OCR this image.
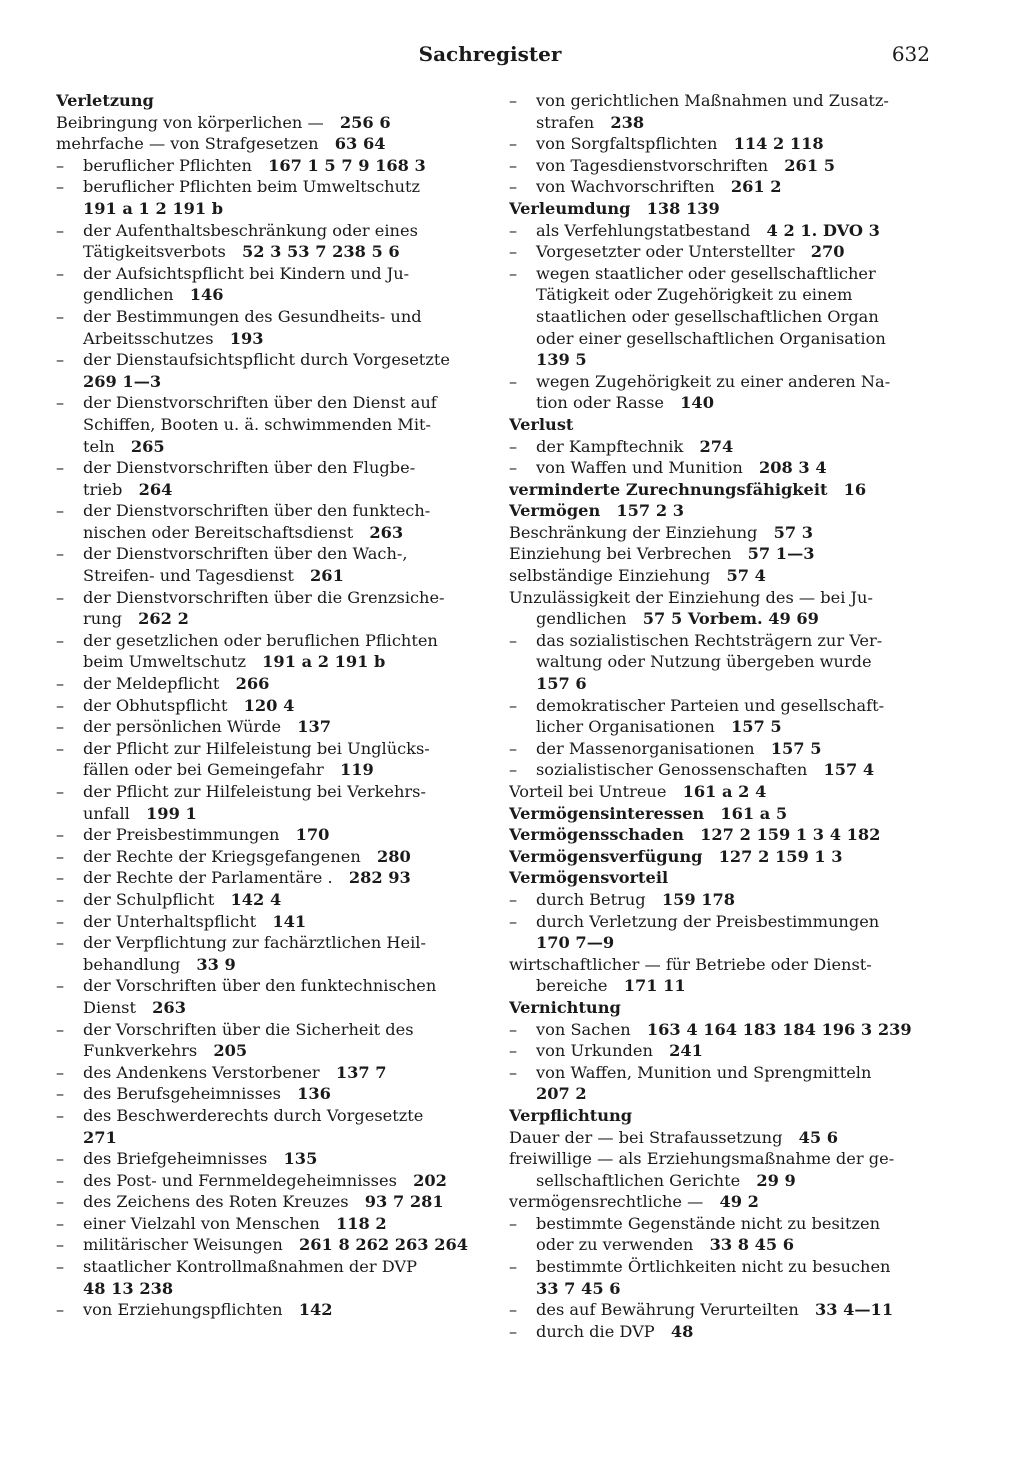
Sachregister	632
Verletzung
Beibringung von körperlichen —   256 6
mehrfache — von Strafgesetzen   63 64
– beruflicher Pflichten   167 1 5 7 9 168 3
– beruflicher Pflichten beim Umweltschutz
191 a 1 2 191 b
– der Aufenthaltsbeschränkung oder eines
Tätigkeitsverbots   52 3 53 7 238 5 6
– der Aufsichtspflicht bei Kindern und Ju-
gendlichen   146
– der Bestimmungen des Gesundheits- und
Arbeitsschutzes   193
– der Dienstaufsichtspflicht durch Vorgesetzte
269 1—3
– der Dienstvorschriften über den Dienst auf
Schiffen, Booten u. ä. schwimmenden Mit-
teln   265
– der Dienstvorschriften über den Flugbe-
trieb   264
– der Dienstvorschriften über den funktech-
nischen oder Bereitschaftsdienst   263
– der Dienstvorschriften über den Wach-,
Streifen- und Tagesdienst   261
– der Dienstvorschriften über die Grenzsiche-
rung   262 2
– der gesetzlichen oder beruflichen Pflichten
beim Umweltschutz   191 a 2 191 b
– der Meldepflicht   266
– der Obhutspflicht   120 4
– der persönlichen Würde   137
– der Pflicht zur Hilfeleistung bei Unglücks-
fällen oder bei Gemeingefahr   119
– der Pflicht zur Hilfeleistung bei Verkehrs-
unfall   199 1
– der Preisbestimmungen   170
– der Rechte der Kriegsgefangenen   280
– der Rechte der Parlamentäre .   282 93
– der Schulpflicht   142 4
– der Unterhaltspflicht   141
– der Verpflichtung zur fachärztlichen Heil-
behandlung   33 9
– der Vorschriften über den funktechnischen
Dienst   263
– der Vorschriften über die Sicherheit des
Funkverkehrs   205
– des Andenkens Verstorbener   137 7
– des Berufsgeheimnisses   136
– des Beschwerderechts durch Vorgesetzte
271
– des Briefgeheimnisses   135
– des Post- und Fernmeldegeheimnisses   202
– des Zeichens des Roten Kreuzes   93 7 281
– einer Vielzahl von Menschen   118 2
– militärischer Weisungen   261 8 262 263 264
– staatlicher Kontrollmaßnahmen der DVP
48 13 238
– von Erziehungspflichten   142
– von gerichtlichen Maßnahmen und Zusatz-
strafen   238
– von Sorgfaltspflichten   114 2 118
– von Tagesdienstvorschriften   261 5
– von Wachvorschriften   261 2
Verleumdung   138 139
– als Verfehlungstatbestand   4 2 1. DVO 3
– Vorgesetzter oder Unterstellter   270
– wegen staatlicher oder gesellschaftlicher
Tätigkeit oder Zugehörigkeit zu einem
staatlichen oder gesellschaftlichen Organ
oder einer gesellschaftlichen Organisation
139 5
– wegen Zugehörigkeit zu einer anderen Na-
tion oder Rasse   140
Verlust
– der Kampftechnik   274
– von Waffen und Munition   208 3 4
verminderte Zurechnungsfähigkeit   16
Vermögen   157 2 3
Beschränkung der Einziehung   57 3
Einziehung bei Verbrechen   57 1—3
selbständige Einziehung   57 4
Unzulässigkeit der Einziehung des — bei Ju-
gendlichen   57 5 Vorbem. 49 69
– das sozialistischen Rechtsträgern zur Ver-
waltung oder Nutzung übergeben wurde
157 6
– demokratischer Parteien und gesellschaft-
licher Organisationen   157 5
– der Massenorganisationen   157 5
– sozialistischer Genossenschaften   157 4
Vorteil bei Untreue   161 a 2 4
Vermögensinteressen   161 a 5
Vermögensschaden   127 2 159 1 3 4 182
Vermögensverfügung   127 2 159 1 3
Vermögensvorteil
– durch Betrug   159 178
– durch Verletzung der Preisbestimmungen
170 7—9
wirtschaftlicher — für Betriebe oder Dienst-
bereiche   171 11
Vernichtung
– von Sachen   163 4 164 183 184 196 3 239
– von Urkunden   241
– von Waffen, Munition und Sprengmitteln
207 2
Verpflichtung
Dauer der — bei Strafaussetzung   45 6
freiwillige — als Erziehungsmaßnahme der ge-
sellschaftlichen Gerichte   29 9
vermögensrechtliche —   49 2
– bestimmte Gegenstände nicht zu besitzen
oder zu verwenden   33 8 45 6
– bestimmte Örtlichkeiten nicht zu besuchen
33 7 45 6
– des auf Bewährung Verurteilten   33 4—11
– durch die DVP   48
